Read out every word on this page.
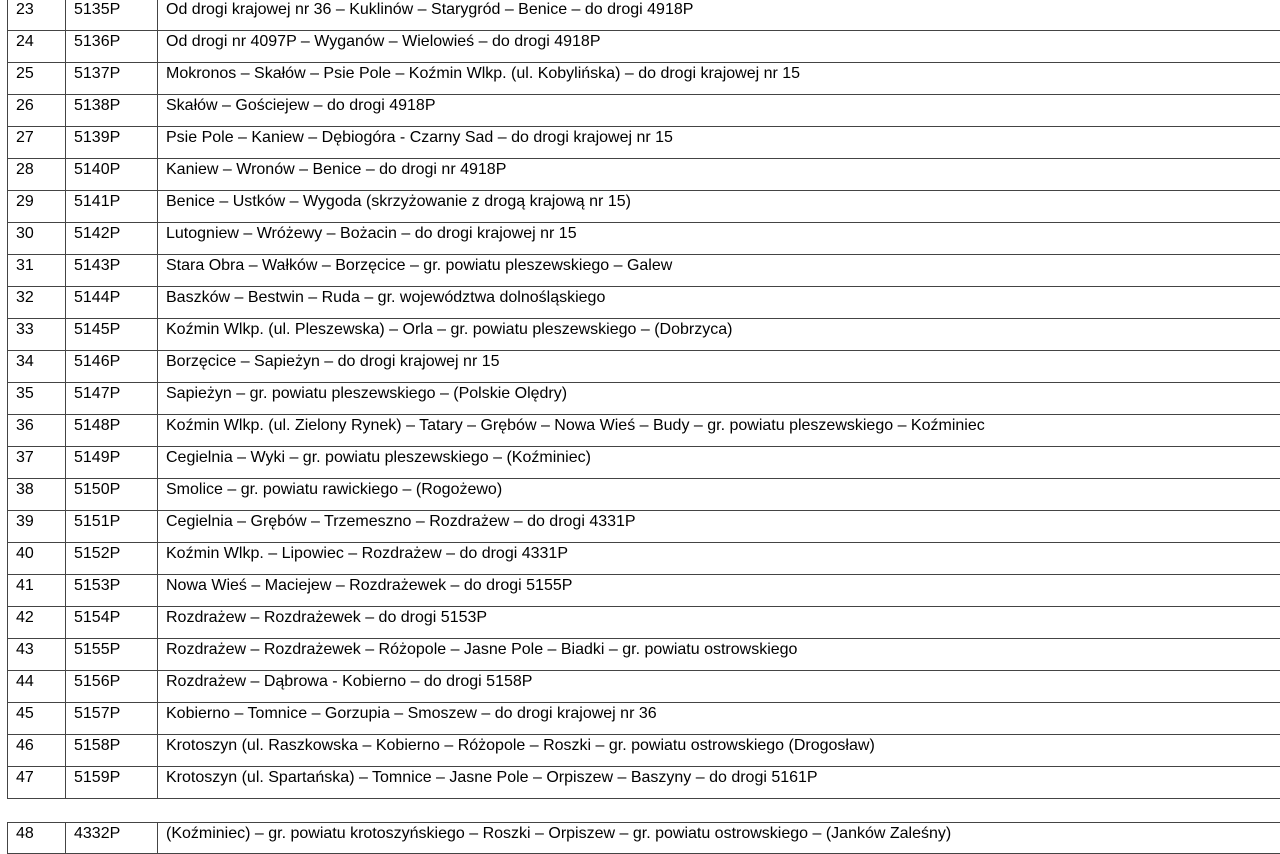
23	5135P	Od drogi krajowej nr 36 – Kuklinów – Starygród – Benice – do drogi 4918P

24	5136P	Od drogi nr 4097P – Wyganów – Wielowieś – do drogi 4918P

25	5137P	Mokronos – Skałów – Psie Pole – Koźmin Wlkp. (ul. Kobylińska) – do drogi krajowej nr 15

26	5138P	Skałów – Gościejew – do drogi 4918P

27	5139P	Psie Pole – Kaniew – Dębiogóra - Czarny Sad – do drogi krajowej nr 15

28	5140P	Kaniew – Wronów – Benice – do drogi nr 4918P

29	5141P	Benice – Ustków – Wygoda (skrzyżowanie z drogą krajową nr 15)

30	5142P	Lutogniew – Wróżewy – Bożacin – do drogi krajowej nr 15

31	5143P	Stara Obra – Wałków – Borzęcice – gr. powiatu pleszewskiego – Galew

32	5144P	Baszków – Bestwin – Ruda – gr. województwa dolnośląskiego

33	5145P	Koźmin Wlkp. (ul. Pleszewska) – Orla – gr. powiatu pleszewskiego – (Dobrzyca)

34	5146P	Borzęcice – Sapieżyn – do drogi krajowej nr 15

35	5147P	Sapieżyn – gr. powiatu pleszewskiego – (Polskie Olędry)

36	5148P	Koźmin Wlkp. (ul. Zielony Rynek) – Tatary – Grębów – Nowa Wieś – Budy – gr. powiatu pleszewskiego – Koźminiec

37	5149P	Cegielnia – Wyki – gr. powiatu pleszewskiego – (Koźminiec)

38	5150P	Smolice – gr. powiatu rawickiego – (Rogożewo)

39	5151P	Cegielnia – Grębów – Trzemeszno – Rozdrażew – do drogi 4331P

40	5152P	Koźmin Wlkp. – Lipowiec – Rozdrażew – do drogi 4331P

41	5153P	Nowa Wieś – Maciejew – Rozdrażewek – do drogi 5155P

42	5154P	Rozdrażew – Rozdrażewek – do drogi 5153P

43	5155P	Rozdrażew – Rozdrażewek – Różopole – Jasne Pole – Biadki – gr. powiatu ostrowskiego

44	5156P	Rozdrażew – Dąbrowa - Kobierno – do drogi 5158P

45	5157P	Kobierno – Tomnice – Gorzupia – Smoszew – do drogi krajowej nr 36

46	5158P	Krotoszyn (ul. Raszkowska – Kobierno – Różopole – Roszki – gr. powiatu ostrowskiego (Drogosław)

47	5159P	Krotoszyn (ul. Spartańska) – Tomnice – Jasne Pole – Orpiszew – Baszyny – do drogi 5161P
48	4332P	(Koźminiec) – gr. powiatu krotoszyńskiego – Roszki – Orpiszew – gr. powiatu ostrowskiego – (Janków Zaleśny)
